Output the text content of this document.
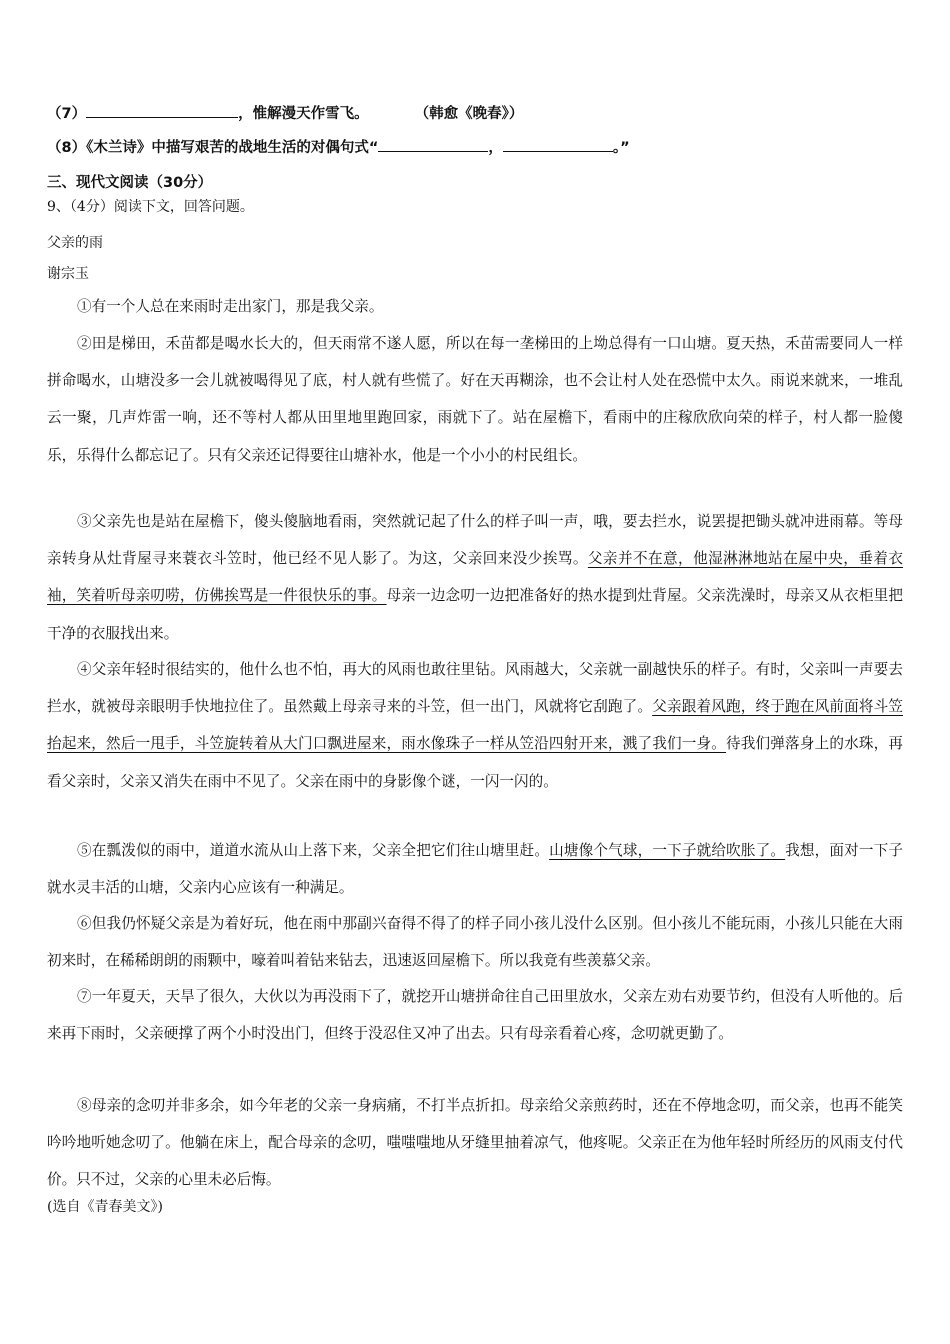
（7）	，惟解漫天作雪飞。	（韩愈《晚春》）
（8）《木兰诗》中描写艰苦的战地生活的对偶句式“	，	。”
三、现代文阅读（30分）
9、（4分）阅读下文，回答问题。
父亲的雨
谢宗玉
①有一个人总在来雨时走出家门，那是我父亲。
②田是梯田，禾苗都是喝水长大的，但天雨常不遂人愿，所以在每一垄梯田的上坳总得有一口山塘。夏天热，禾苗需要同人一样拼命喝水，山塘没多一会儿就被喝得见了底，村人就有些慌了。好在天再糊涂，也不会让村人处在恐慌中太久。雨说来就来，一堆乱云一聚，几声炸雷一响，还不等村人都从田里地里跑回家，雨就下了。站在屋檐下，看雨中的庄稼欣欣向荣的样子，村人都一脸傻乐，乐得什么都忘记了。只有父亲还记得要往山塘补水，他是一个小小的村民组长。
③父亲先也是站在屋檐下，傻头傻脑地看雨，突然就记起了什么的样子叫一声，哦，要去拦水，说罢提把锄头就冲进雨幕。等母亲转身从灶背屋寻来蓑衣斗笠时，他已经不见人影了。为这，父亲回来没少挨骂。父亲并不在意，他湿淋淋地站在屋中央，垂着衣袖，笑着听母亲叨唠，仿佛挨骂是一件很快乐的事。母亲一边念叨一边把准备好的热水提到灶背屋。父亲洗澡时，母亲又从衣柜里把干净的衣服找出来。
④父亲年轻时很结实的，他什么也不怕，再大的风雨也敢往里钻。风雨越大，父亲就一副越快乐的样子。有时，父亲叫一声要去拦水，就被母亲眼明手快地拉住了。虽然戴上母亲寻来的斗笠，但一出门，风就将它刮跑了。父亲跟着风跑，终于跑在风前面将斗笠抬起来，然后一甩手，斗笠旋转着从大门口飘进屋来，雨水像珠子一样从笠沿四射开来，溅了我们一身。待我们弹落身上的水珠，再看父亲时，父亲又消失在雨中不见了。父亲在雨中的身影像个谜，一闪一闪的。
⑤在瓢泼似的雨中，道道水流从山上落下来，父亲全把它们往山塘里赶。山塘像个气球，一下子就给吹胀了。我想，面对一下子就水灵丰活的山塘，父亲内心应该有一种满足。
⑥但我仍怀疑父亲是为着好玩，他在雨中那副兴奋得不得了的样子同小孩儿没什么区别。但小孩儿不能玩雨，小孩儿只能在大雨初来时，在稀稀朗朗的雨颗中，嚎着叫着钻来钻去，迅速返回屋檐下。所以我竟有些羡慕父亲。
⑦一年夏天，天旱了很久，大伙以为再没雨下了，就挖开山塘拼命往自己田里放水，父亲左劝右劝要节约，但没有人听他的。后来再下雨时，父亲硬撑了两个小时没出门，但终于没忍住又冲了出去。只有母亲看着心疼，念叨就更勤了。
⑧母亲的念叨并非多余，如今年老的父亲一身病痛，不打半点折扣。母亲给父亲煎药时，还在不停地念叨，而父亲，也再不能笑吟吟地听她念叨了。他躺在床上，配合母亲的念叨，嗤嗤嗤地从牙缝里抽着凉气，他疼呢。父亲正在为他年轻时所经历的风雨支付代价。只不过，父亲的心里未必后悔。
(选自《青春美文》)
